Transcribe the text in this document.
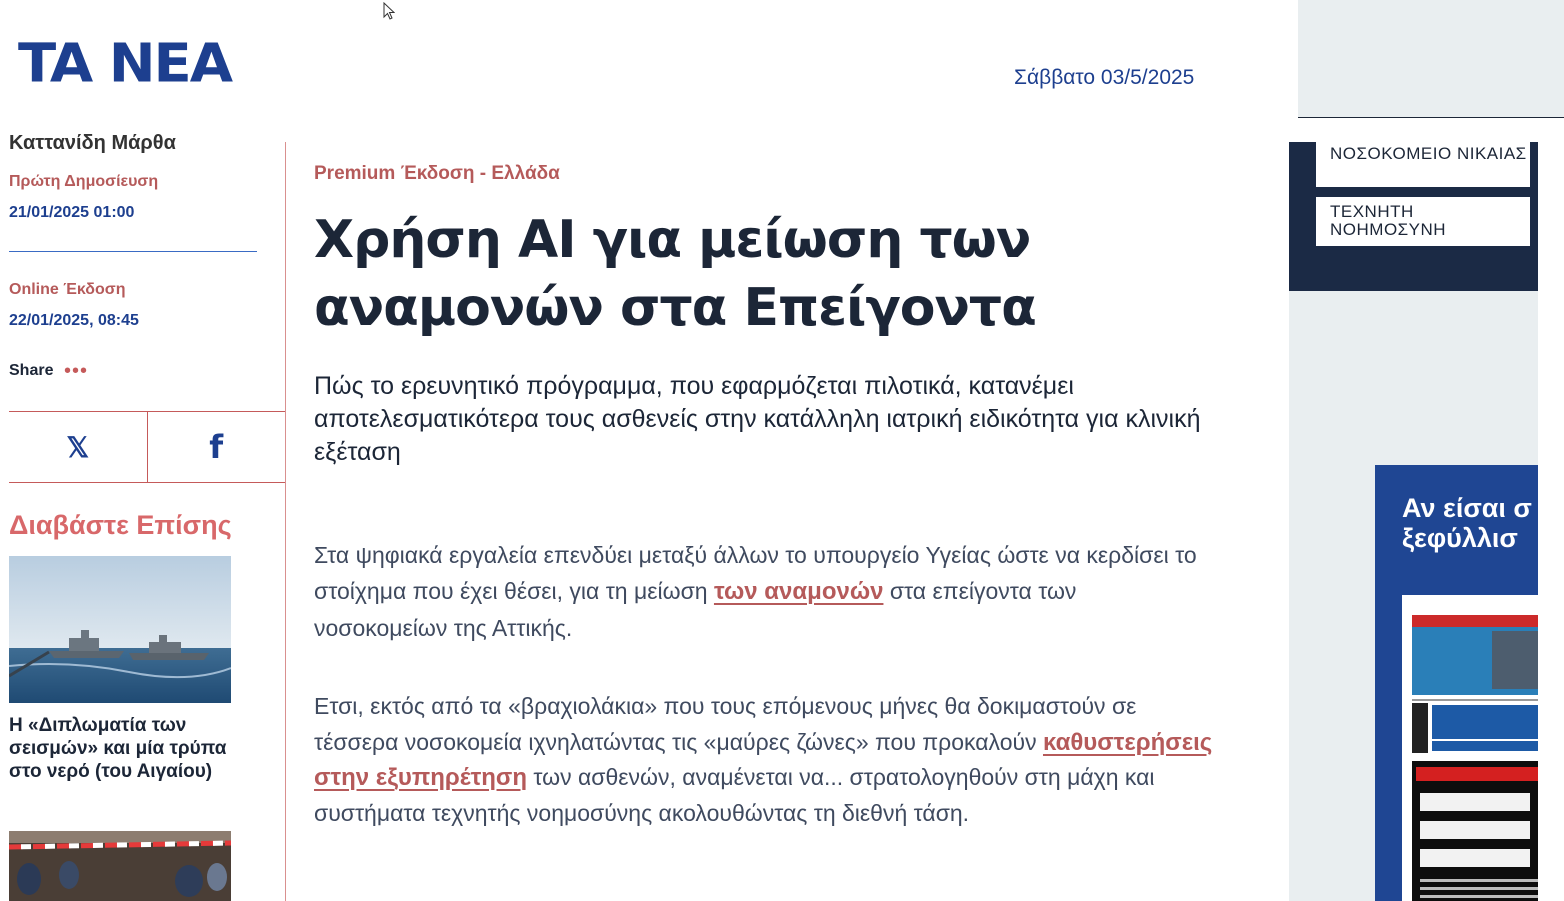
TA NEA	Σάββατο 03/5/2025
Καττανίδη Μάρθα
Πρώτη Δημοσίευση
21/01/2025 01:00
Online Έκδοση
22/01/2025, 08:45
Share •••
𝕏	f
Διαβάστε Επίσης
Η «Διπλωματία των σεισμών» και μία τρύπα στο νερό (του Αιγαίου)
Premium Έκδοση - Ελλάδα
Χρήση AI για μείωση των αναμονών στα Επείγοντα
Πώς το ερευνητικό πρόγραμμα, που εφαρμόζεται πιλοτικά, κατανέμει αποτελεσματικότερα τους ασθενείς στην κατάλληλη ιατρική ειδικότητα για κλινική εξέταση
Στα ψηφιακά εργαλεία επενδύει μεταξύ άλλων το υπουργείο Υγείας ώστε να κερδίσει το στοίχημα που έχει θέσει, για τη μείωση των αναμονών στα επείγοντα των νοσοκομείων της Αττικής.
Ετσι, εκτός από τα «βραχιολάκια» που τους επόμενους μήνες θα δοκιμαστούν σε τέσσερα νοσοκομεία ιχνηλατώντας τις «μαύρες ζώνες» που προκαλούν καθυστερήσεις στην εξυπηρέτηση των ασθενών, αναμένεται να... στρατολογηθούν στη μάχη και συστήματα τεχνητής νοημοσύνης ακολουθώντας τη διεθνή τάση.
ΝΟΣΟΚΟΜΕΙΟ ΝΙΚΑΙΑΣ
ΤΕΧΝΗΤΗ ΝΟΗΜΟΣΥΝΗ
Αν είσαι σ
ξεφύλλισ
